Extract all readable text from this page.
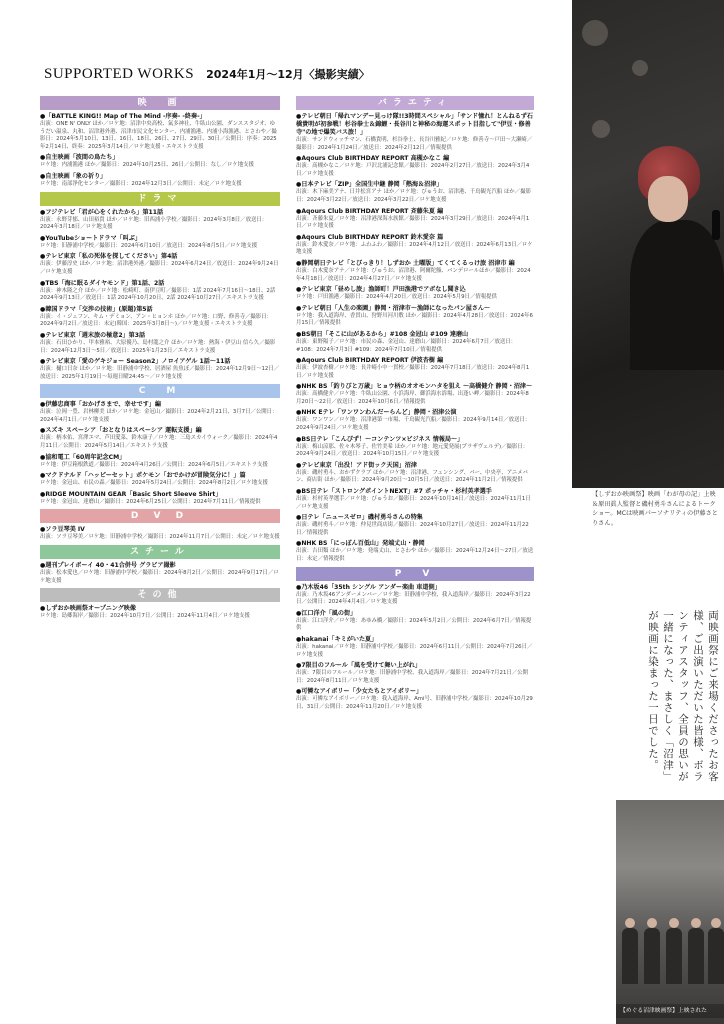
SUPPORTED WORKS 2024年1月〜12月〈撮影実績〉
映　画
●「BATTLE KING!! Map of The Mind -序奏- -終奏-」
出演：ONE N' ONLY ほか／ロケ地：沼津中央高校、氣多神社、牛臥山公園、ダンススタジオ、ゆうだい温泉、丸和、沼津港外港、沼津市民文化センター、内浦漁港、内浦小海漁港、とさわや／撮影日：2024年5月10日、13日、16日、18日、26日、27日、29日、30日／公開日：序奏：2025年2月14日、終奏：2025年3月14日／ロケ地支援・エキストラ支援
●自主映画「波間の鳥たち」
ロケ地：内浦漁港 ほか／撮影日：2024年10月25日、26日／公開日：なし／ロケ地支援
●自主映画「象の祈り」
ロケ地：南部浄化センター／撮影日：2024年12月3日／公開日：未定／ロケ地支援
ドラマ
●フジテレビ「君が心をくれたから」第11話
出演：永野芽郁、山田裕貴 ほか／ロケ地：旧西浦小学校／撮影日：2024年3月8日／放送日：2024年3月18日／ロケ地支援
●YouTubeショートドラマ「叫ぶ」
ロケ地：旧静浦中学校／撮影日：2024年6月10日／放送日：2024年8月5日／ロケ地支援
●テレビ東京「私の死体を探してください」第4話
出演：伊藤淳史 ほか／ロケ地：沼津港外港／撮影日：2024年6月24日／放送日：2024年9月24日／ロケ地支援
●TBS「海に眠るダイヤモンド」第1話、2話
出演：神木隆之介 ほか／ロケ地：松崎町、南伊豆町／撮影日：1話 2024年7月16日〜18日、2話 2024年9月13日／放送日：1話 2024年10月20日、2話 2024年10月27日／エキストラ支援
●韓国ドラマ「交渉の技術」(原題)第5話
出演：イ・ジェフン、キム・デミョン、アン・ヒョンホ ほか／ロケ地：口野、修善寺／撮影日：2024年9月2日／放送日：未定(韓国：2025年3月8日〜)／ロケ地支援・エキストラ支援
●テレビ東京「週末旅の極意2」第3話
出演：石田ひかり、甲本雅裕、大原優乃、島村龍之介 ほか／ロケ地：熱海・伊豆山 信ら久／撮影日：2024年12月3日〜5日／放送日：2025年1月23日／エキストラ支援
●テレビ東京「愛のゲキジョー Season2」ノロイアゲル 1話〜11話
出演：樋口日奈 ほか／ロケ地：旧静浦中学校、居酒屋 魚魚ぼ／撮影日：2024年12月9日〜12日／放送日：2025年1月19日〜毎週日曜24:45〜／ロケ地支援
C　M
●伊藤忠商事「おかげさまで、幸せです」編
出演：泣岡一豊、岩林柳美 ほか／ロケ地：金冠山／撮影日：2024年2月21日、3月7日／公開日：2024年4月1日／ロケ地支援
●スズキ スペーシア「おとなりはスペーシア 運転支援」編
出演：柄本佑、宮澤エマ、芦田愛菜、鈴木康子／ロケ地：三島スカイウォーク／撮影日：2024年4月11日／公開日：2024年5月14日／エキストラ支援
●協和電工「60周年記念CM」
ロケ地：伊豆箱根鉄道／撮影日：2024年4月26日／公開日：2024年6月5日／エキストラ支援
●マクドナルド「ハッピーセット」ポケモン「おでかけが冒険気分に！」篇
ロケ地：金冠山、市民の森／撮影日：2024年5月24日／公開日：2024年8月2日／ロケ地支援
●RIDGE MOUNTAIN GEAR「Basic Short Sleeve Shirt」
ロケ地：金冠山、達磨山／撮影日：2024年6月25日／公開日：2024年7月11日／情報提供
D V D
●ソラ豆琴美 IV
出演：ソラ豆琴美／ロケ地：旧静浦中学校／撮影日：2024年11月7日／公開日：未定／ロケ地支援
スチール
●週刊プレイボーイ 40・41合併号 グラビア撮影
出演：松本愛也／ロケ地：旧静浦中学校／撮影日：2024年8月2日／公開日：2024年9月17日／ロケ地支援
その他
●しずおか映画祭オープニング映像
ロケ地：島郷海岸／撮影日：2024年10月7日／公開日：2024年11月4日／ロケ地支援
バラエティ
●テレビ朝日「帰れマンデー見っけ隊!!3時間スペシャル」「サンド憧れ！とんねるず石橋貴明が初参戦！杉谷拳士＆錦鯉・長谷川と神秘の海運スポット目指して"伊豆・修善寺"の地で爆笑バス旅！」
出演：サンドウィッチマン、石橋貴明、杉谷拳士、長谷川雅紀／ロケ地：修善寺〜戸田〜大瀬崎／撮影日：2024年1月24日／放送日：2024年2月12日／情報提供
●Aqours Club BIRTHDAY REPORT 高槻かなこ 編
出演：高槻かなこ／ロケ地：戸沢北浦記念館／撮影日：2024年2月27日／放送日：2024年3月4日／ロケ地支援
●日本テレビ「ZIP」全国生中継 静岡「熱海＆沼津」
出演：木下麻美アナ、日井松宮アナ ほか／ロケ地：びゅうお、沼津港、千鳥観光汽船 ほか／撮影日：2024年3月22日／放送日：2024年3月22日／ロケ地支援
●Aqours Club BIRTHDAY REPORT 斉藤朱夏 編
出演：斉藤朱夏／ロケ地：沼津港深海水族館／撮影日：2024年3月29日／放送日：2024年4月1日／ロケ地支援
●Aqours Club BIRTHDAY REPORT 鈴木愛奈 篇
出演：鈴木愛奈／ロケ地：ふわふわ／撮影日：2024年4月12日／放送日：2024年6月13日／ロケ地支援
●静岡朝日テレビ「とびっきり！しずおか 土曜版」てくてくるっけ旅 沼津市 編
出演：白木愛奈アナ／ロケ地：びゅうお、沼津港、阿爾陀鮨、バンデロールほか／撮影日：2024年4月18日／放送日：2024年4月27日／ロケ地支援
●テレビ東京「昼めし旅」漁師町！戸田漁港でアボなし聞き込
ロケ地：戸田漁港／撮影日：2024年4月20日／放送日：2024年5月9日／情報提供
●テレビ朝日「人生の楽園」静岡・沼津市〜漁師になったパン屋さん〜
ロケ地：我入道海岸、香貫山、狩野川河川敷 ほか／撮影日：2024年4月28日／放送日：2024年6月15日／情報提供
●BS朝日「そこに山があるから」#108 金冠山 #109 達磨山
出演：東野陽子／ロケ地：市民の森、金冠山、達磨山／撮影日：2024年6月7日／放送日：#108：2024年7月3日 #109：2024年7月10日／情報提供
●Aqours Club BIRTHDAY REPORT 伊波杏樹 編
出演：伊波杏樹／ロケ地：長井崎小中一貫校／撮影日：2024年7月18日／放送日：2024年8月1日／ロケ地支援
●NHK BS「釣りびと万歳」ヒョウ柄のオオモンハタを狙え 〜高橋健介 静岡・沼津〜
出演：高橋健介／ロケ地：牛臥山公園、小浜海岸、御浜海水浴場、出逢い岬／撮影日：2024年8月20日〜22日／放送日：2024年10月6日／情報提供
●NHK Eテレ「ワンワンわんだーらんど」静岡・沼津公演
出演：ワンワン／ロケ地：沼津港第一市場、千鳥観光汽船／撮影日：2024年9月14日／放送日：2024年9月24日／ロケ地支援
●BS日テレ「こんぴず！〜コンテンツ×ビジネス 情報局〜」
出演：梅山涼那、佐々木琴子、佐竹美希 ほか／ロケ地：地元愛発展(プラザヴェルデ)／撮影日：2024年9月24日／放送日：2024年10月15日／ロケ地支援
●テレビ東京「出没！アド街ック天国」沼津
出演：磯村勇斗、おかずクラブ ほか／ロケ地：沼津港、フェンシング、バー、中央亭、アニメバン、商店街 ほか／撮影日：2024年9月20日〜10月5日／放送日：2024年11月2日／情報提供
●BS日テレ「ストロングポイントNEXT」#7 ポッチャ・杉村英孝選手
出演：杉村英孝選手／ロケ地：びゅうお／撮影日：2024年10月14日／放送日：2024年11月1日／ロケ地支援
●日テレ「ニュースゼロ」磯村勇斗さんの特集
出演：磯村勇斗／ロケ地：仲見世商店街／撮影日：2024年10月27日／放送日：2024年11月22日／情報提供
●NHK BS「にっぽん百低山」発端丈山・静岡
出演：吉田類 ほか／ロケ地：発端丈山、とさわや ほか／撮影日：2024年12月24日〜27日／放送日：未定／情報提供
P　V
●乃木坂46「35th シングル アンダー楽曲 車道側」
出演：乃木坂46アンダーメンバー／ロケ地：旧静浦中学校、我入道海岸／撮影日：2024年3月22日／公開日：2024年4月4日／ロケ地支援
●江口洋介「風の街」
出演：江口洋介／ロケ地：あゆみ橋／撮影日：2024年5月2日／公開日：2024年6月7日／情報提供
●hakanai「キミがいた夏」
出演：hakanai／ロケ地：旧静浦中学校／撮影日：2024年6月11日／公開日：2024年7月26日／ロケ地支援
●7限目のフルール「風を受けて舞い上がれ」
出演：7限目のフルール／ロケ地：旧静浦中学校、我入道海岸／撮影日：2024年7月21日／公開日：2024年8月11日／ロケ地支援
●可憐なアイボリー「少女たちとアイボリー」
出演：可憐なアイボリー／ロケ地：我入道海岸、Ami号、旧静浦中学校／撮影日：2024年10月29日、31日／公開日：2024年11月20日／ロケ地支援

【しずおか映画祭】映画「わが母の記」上映＆原田眞人監督と磯村勇斗さんによるトークショー。MCは映画パーソナリティの伊藤さとりさん。

両映画祭にご来場くださったお客様、ご出演いただいた皆様、ボランティアスタッフ、全員の思いが一緒になった、まさしく「沼津」が映画に染まった一日でした。
【めぐる沼津映画祭】上映された
